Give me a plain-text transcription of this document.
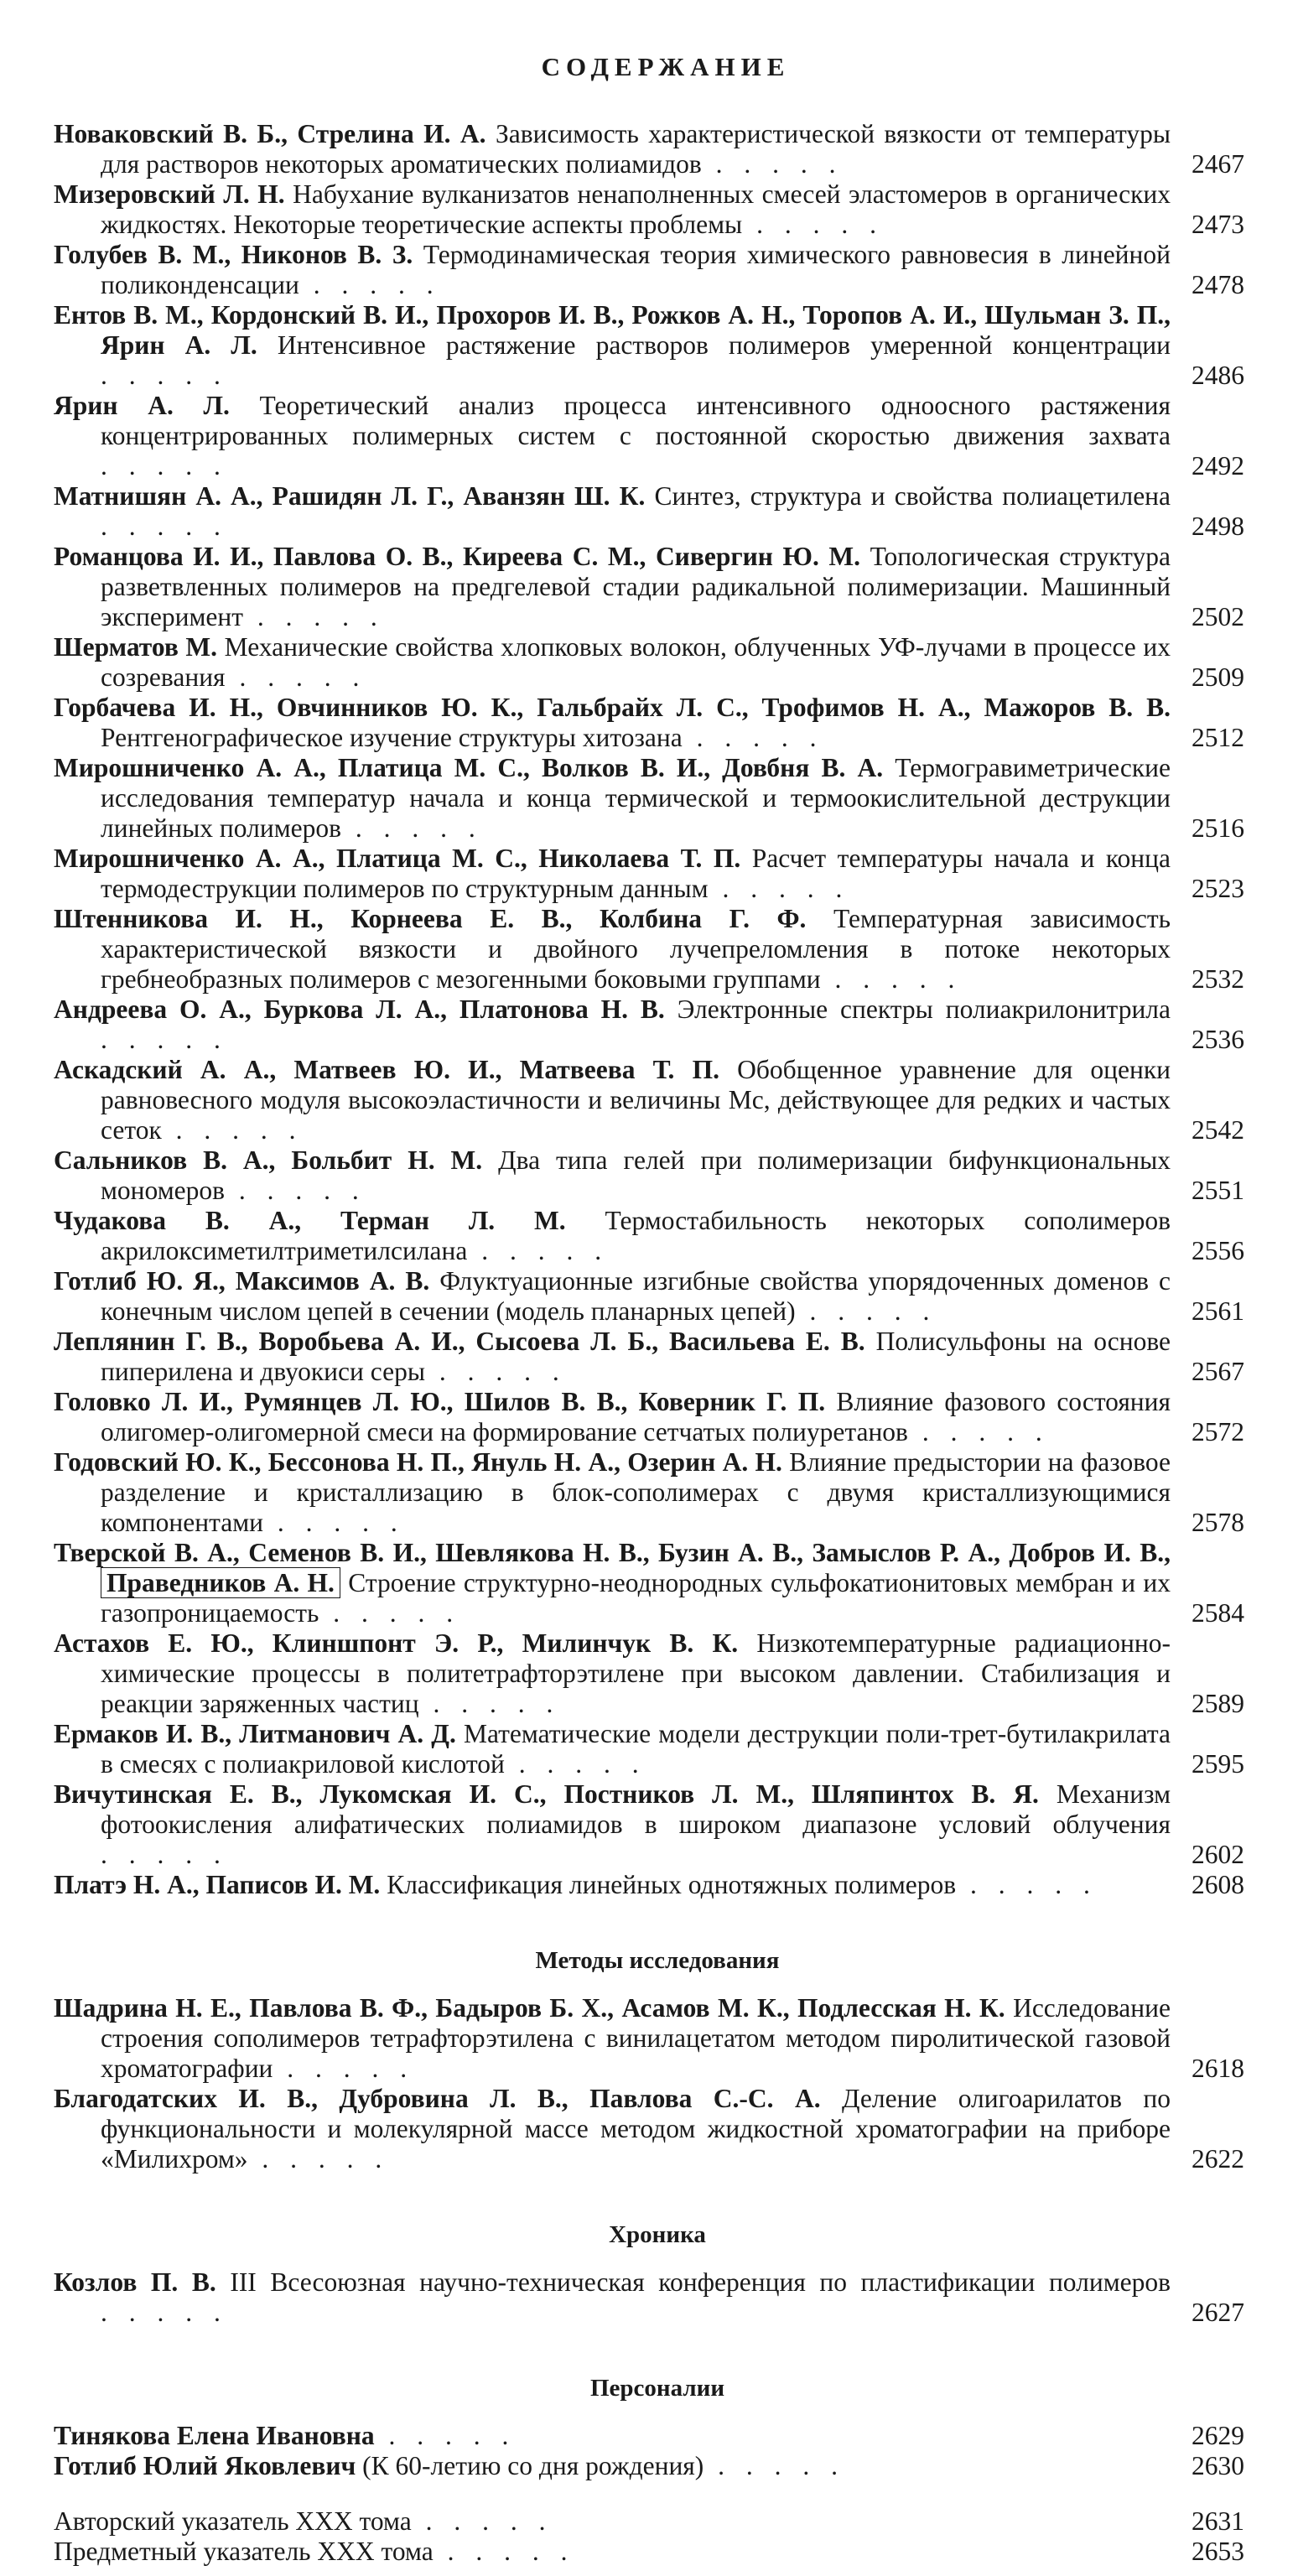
СОДЕРЖАНИЕ
Новаковский В. Б., Стрелина И. А. Зависимость характеристической вязкости от температуры для растворов некоторых ароматических полиамидов . . . . .	2467
Мизеровский Л. Н. Набухание вулканизатов ненаполненных смесей эластомеров в органических жидкостях. Некоторые теоретические аспекты проблемы . . . . .	2473
Голубев В. М., Никонов В. З. Термодинамическая теория химического равновесия в линейной поликонденсации . . . . .	2478
Ентов В. М., Кордонский В. И., Прохоров И. В., Рожков А. Н., Торопов А. И., Шульман З. П., Ярин А. Л. Интенсивное растяжение растворов полимеров умеренной концентрации . . . . .	2486
Ярин А. Л. Теоретический анализ процесса интенсивного одноосного растяжения концентрированных полимерных систем с постоянной скоростью движения захвата . . . . .	2492
Матнишян А. А., Рашидян Л. Г., Аванзян Ш. К. Синтез, структура и свойства полиацетилена . . . . .	2498
Романцова И. И., Павлова О. В., Киреева С. М., Сивергин Ю. М. Топологическая структура разветвленных полимеров на предгелевой стадии радикальной полимеризации. Машинный эксперимент . . . . .	2502
Шерматов М. Механические свойства хлопковых волокон, облученных УФ-лучами в процессе их созревания . . . . .	2509
Горбачева И. Н., Овчинников Ю. К., Гальбрайх Л. С., Трофимов Н. А., Мажоров В. В. Рентгенографическое изучение структуры хитозана . . . . .	2512
Мирошниченко А. А., Платица М. С., Волков В. И., Довбня В. А. Термогравиметрические исследования температур начала и конца термической и термоокислительной деструкции линейных полимеров . . . . .	2516
Мирошниченко А. А., Платица М. С., Николаева Т. П. Расчет температуры начала и конца термодеструкции полимеров по структурным данным . . . . .	2523
Штенникова И. Н., Корнеева Е. В., Колбина Г. Ф. Температурная зависимость характеристической вязкости и двойного лучепреломления в потоке некоторых гребнеобразных полимеров с мезогенными боковыми группами . . . . .	2532
Андреева О. А., Буркова Л. А., Платонова Н. В. Электронные спектры полиакрилонитрила . . . . .	2536
Аскадский А. А., Матвеев Ю. И., Матвеева Т. П. Обобщенное уравнение для оценки равновесного модуля высокоэластичности и величины Mc, действующее для редких и частых сеток . . . . .	2542
Сальников В. А., Больбит Н. М. Два типа гелей при полимеризации бифункциональных мономеров . . . . .	2551
Чудакова В. А., Терман Л. М. Термостабильность некоторых сополимеров акрилоксиметилтриметилсилана . . . . .	2556
Готлиб Ю. Я., Максимов А. В. Флуктуационные изгибные свойства упорядоченных доменов с конечным числом цепей в сечении (модель планарных цепей) . . . . .	2561
Леплянин Г. В., Воробьева А. И., Сысоева Л. Б., Васильева Е. В. Полисульфоны на основе пиперилена и двуокиси серы . . . . .	2567
Головко Л. И., Румянцев Л. Ю., Шилов В. В., Коверник Г. П. Влияние фазового состояния олигомер-олигомерной смеси на формирование сетчатых полиуретанов . . . . .	2572
Годовский Ю. К., Бессонова Н. П., Януль Н. А., Озерин А. Н. Влияние предыстории на фазовое разделение и кристаллизацию в блок-сополимерах с двумя кристаллизующимися компонентами . . . . .	2578
Тверской В. А., Семенов В. И., Шевлякова Н. В., Бузин А. В., Замыслов Р. А., Добров И. В., Праведников А. Н. Строение структурно-неоднородных сульфокатионитовых мембран и их газопроницаемость . . . . .	2584
Астахов Е. Ю., Клиншпонт Э. Р., Милинчук В. К. Низкотемпературные радиационно-химические процессы в политетрафторэтилене при высоком давлении. Стабилизация и реакции заряженных частиц . . . . .	2589
Ермаков И. В., Литманович А. Д. Математические модели деструкции поли-трет-бутилакрилата в смесях с полиакриловой кислотой . . . . .	2595
Вичутинская Е. В., Лукомская И. С., Постников Л. М., Шляпинтох В. Я. Механизм фотоокисления алифатических полиамидов в широком диапазоне условий облучения . . . . .	2602
Платэ Н. А., Паписов И. М. Классификация линейных однотяжных полимеров . . . . .	2608
Методы исследования
Шадрина Н. Е., Павлова В. Ф., Бадыров Б. Х., Асамов М. К., Подлесская Н. К. Исследование строения сополимеров тетрафторэтилена с винилацетатом методом пиролитической газовой хроматографии . . . . .	2618
Благодатских И. В., Дубровина Л. В., Павлова С.-С. А. Деление олигоарилатов по функциональности и молекулярной массе методом жидкостной хроматографии на приборе «Милихром» . . . . .	2622
Хроника
Козлов П. В. III Всесоюзная научно-техническая конференция по пластификации полимеров . . . . .	2627
Персоналии
Тинякова Елена Ивановна . . . . .	2629
Готлиб Юлий Яковлевич (К 60-летию со дня рождения) . . . . .	2630
Авторский указатель XXX тома . . . . .	2631
Предметный указатель XXX тома . . . . .	2653
